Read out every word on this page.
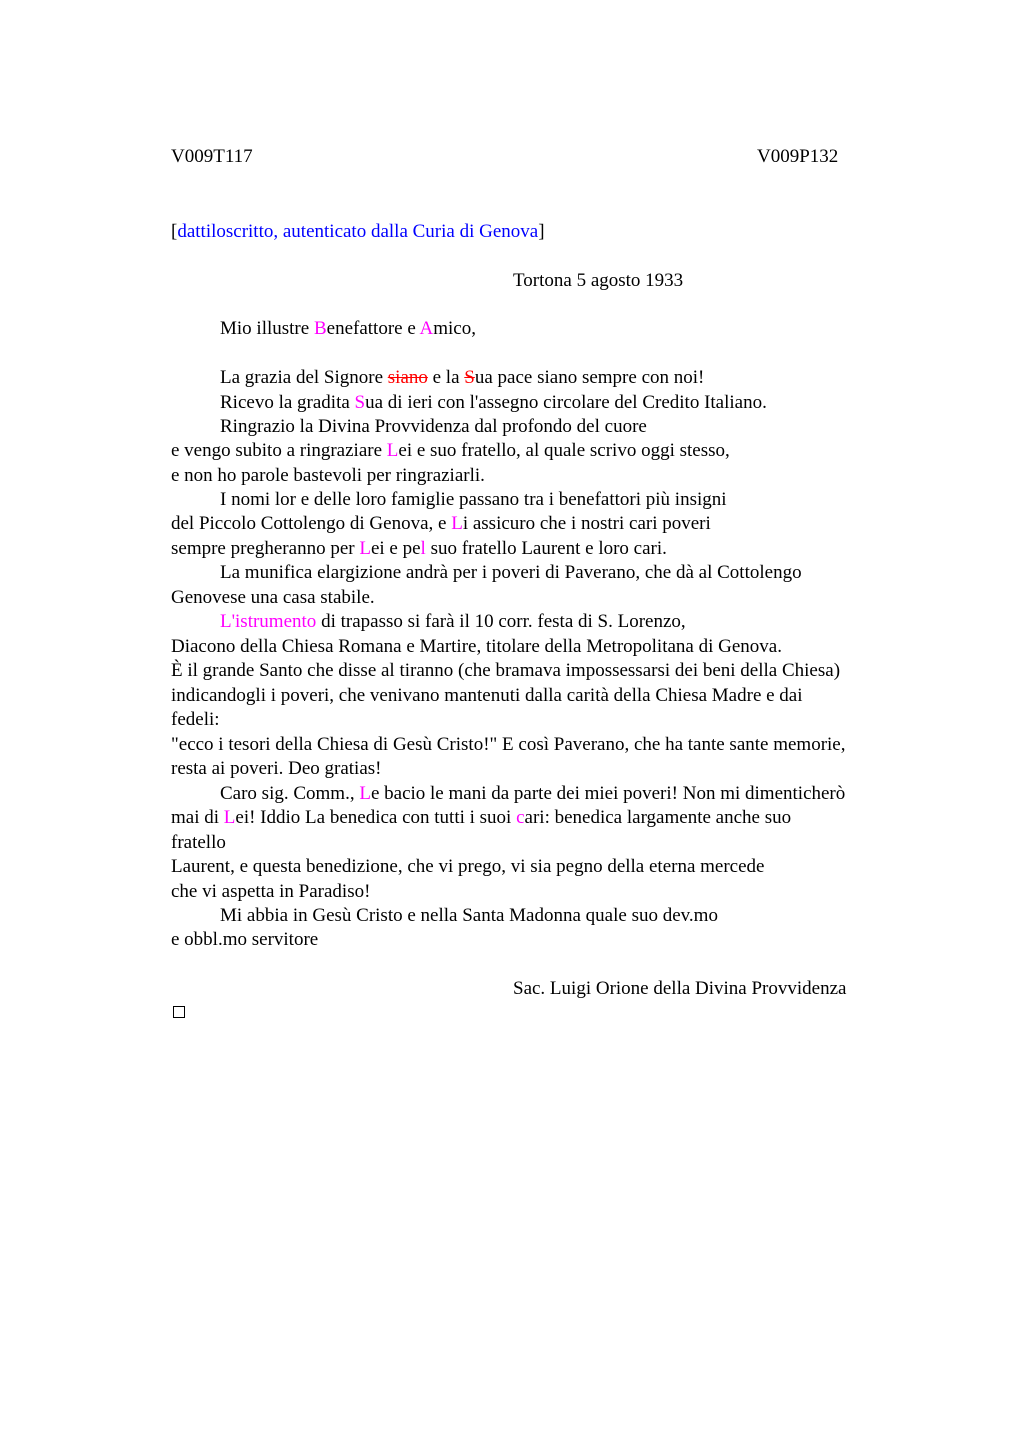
V009T117	V009P132
[dattiloscritto, autenticato dalla Curia di Genova]
Tortona 5 agosto 1933
Mio illustre Benefattore e Amico,
La grazia del Signore siano e la Sua pace siano sempre con noi!
Ricevo la gradita Sua di ieri con l'assegno circolare del Credito Italiano.
Ringrazio la Divina Provvidenza dal profondo del cuore
e vengo subito a ringraziare Lei e suo fratello, al quale scrivo oggi stesso,
e non ho parole bastevoli per ringraziarli.
I nomi lor e delle loro famiglie passano tra i benefattori più insigni
del Piccolo Cottolengo di Genova, e Li assicuro che i nostri cari poveri
sempre pregheranno per Lei e pel suo fratello Laurent e loro cari.
La munifica elargizione andrà per i poveri di Paverano, che dà al Cottolengo
Genovese una casa stabile.
L'istrumento di trapasso si farà il 10 corr. festa di S. Lorenzo,
Diacono della Chiesa Romana e Martire, titolare della Metropolitana di Genova.
È il grande Santo che disse al tiranno (che bramava impossessarsi dei beni della Chiesa)
indicandogli i poveri, che venivano mantenuti dalla carità della Chiesa Madre e dai
fedeli:
"ecco i tesori della Chiesa di Gesù Cristo!" E così Paverano, che ha tante sante memorie,
resta ai poveri. Deo gratias!
Caro sig. Comm., Le bacio le mani da parte dei miei poveri! Non mi dimenticherò
mai di Lei! Iddio La benedica con tutti i suoi cari: benedica largamente anche suo
fratello
Laurent, e questa benedizione, che vi prego, vi sia pegno della eterna mercede
che vi aspetta in Paradiso!
Mi abbia in Gesù Cristo e nella Santa Madonna quale suo dev.mo
e obbl.mo servitore
Sac. Luigi Orione della Divina Provvidenza
